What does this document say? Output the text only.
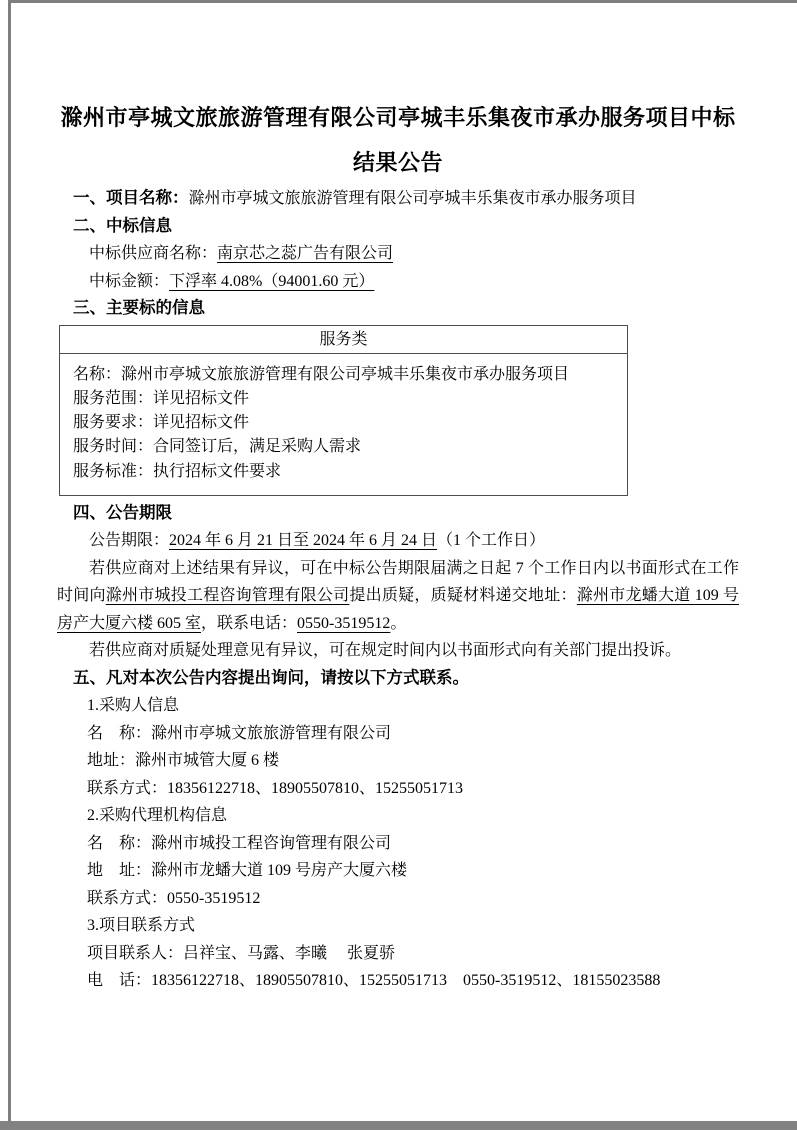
滁州市亭城文旅旅游管理有限公司亭城丰乐集夜市承办服务项目中标
结果公告
一、项目名称：滁州市亭城文旅旅游管理有限公司亭城丰乐集夜市承办服务项目
二、中标信息
中标供应商名称：南京芯之蕊广告有限公司
中标金额：下浮率 4.08%（94001.60 元）
三、主要标的信息
服务类
名称：滁州市亭城文旅旅游管理有限公司亭城丰乐集夜市承办服务项目
服务范围：详见招标文件
服务要求：详见招标文件
服务时间：合同签订后，满足采购人需求
服务标准：执行招标文件要求
四、公告期限
公告期限：2024 年 6 月 21 日至 2024 年 6 月 24 日（1 个工作日）

若供应商对上述结果有异议，可在中标公告期限届满之日起 7 个工作日内以书面形式在工作时间向滁州市城投工程咨询管理有限公司提出质疑，质疑材料递交地址：滁州市龙蟠大道 109 号房产大厦六楼 605 室，联系电话：0550-3519512。

若供应商对质疑处理意见有异议，可在规定时间内以书面形式向有关部门提出投诉。
五、凡对本次公告内容提出询问，请按以下方式联系。
1.采购人信息
名　称：滁州市亭城文旅旅游管理有限公司
地址：滁州市城管大厦 6 楼
联系方式：18356122718、18905507810、15255051713
2.采购代理机构信息
名　称：滁州市城投工程咨询管理有限公司
地　址：滁州市龙蟠大道 109 号房产大厦六楼
联系方式：0550-3519512
3.项目联系方式
项目联系人：吕祥宝、马露、李曦　 张夏骄
电　话：18356122718、18905507810、15255051713    0550-3519512、18155023588
